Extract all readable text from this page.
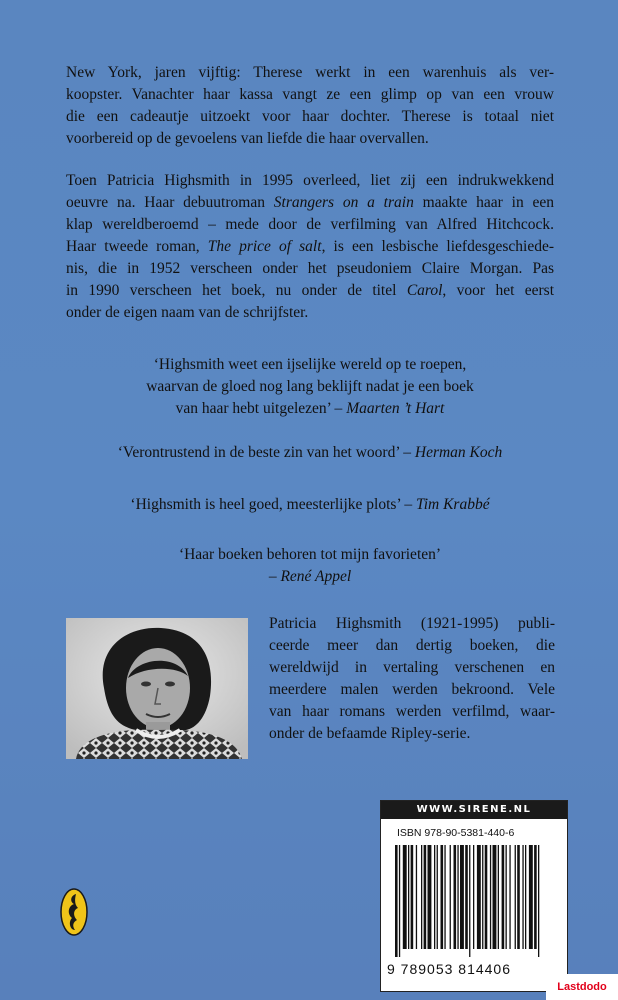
New York, jaren vijftig: Therese werkt in een warenhuis als ver-
koopster. Vanachter haar kassa vangt ze een glimp op van een vrouw
die een cadeautje uitzoekt voor haar dochter. Therese is totaal niet
voorbereid op de gevoelens van liefde die haar overvallen.

Toen Patricia Highsmith in 1995 overleed, liet zij een indrukwekkend
oeuvre na. Haar debuutroman Strangers on a train maakte haar in een
klap wereldberoemd – mede door de verfilming van Alfred Hitchcock.
Haar tweede roman, The price of salt, is een lesbische liefdesgeschiede-
nis, die in 1952 verscheen onder het pseudoniem Claire Morgan. Pas
in 1990 verscheen het boek, nu onder de titel Carol, voor het eerst
onder de eigen naam van de schrijfster.

‘Highsmith weet een ijselijke wereld op te roepen,
waarvan de gloed nog lang beklijft nadat je een boek
van haar hebt uitgelezen’ – Maarten ’t Hart

‘Verontrustend in de beste zin van het woord’ – Herman Koch

‘Highsmith is heel goed, meesterlijke plots’ – Tim Krabbé

‘Haar boeken behoren tot mijn favorieten’
– René Appel

Patricia Highsmith (1921-1995) publi-
ceerde meer dan dertig boeken, die
wereldwijd in vertaling verschenen en
meerdere malen werden bekroond. Vele
van haar romans werden verfilmd, waar-
onder de befaamde Ripley-serie.

WWW.SIRENE.NL
ISBN 978-90-5381-440-6
9 789053 814406
Lastdodo
